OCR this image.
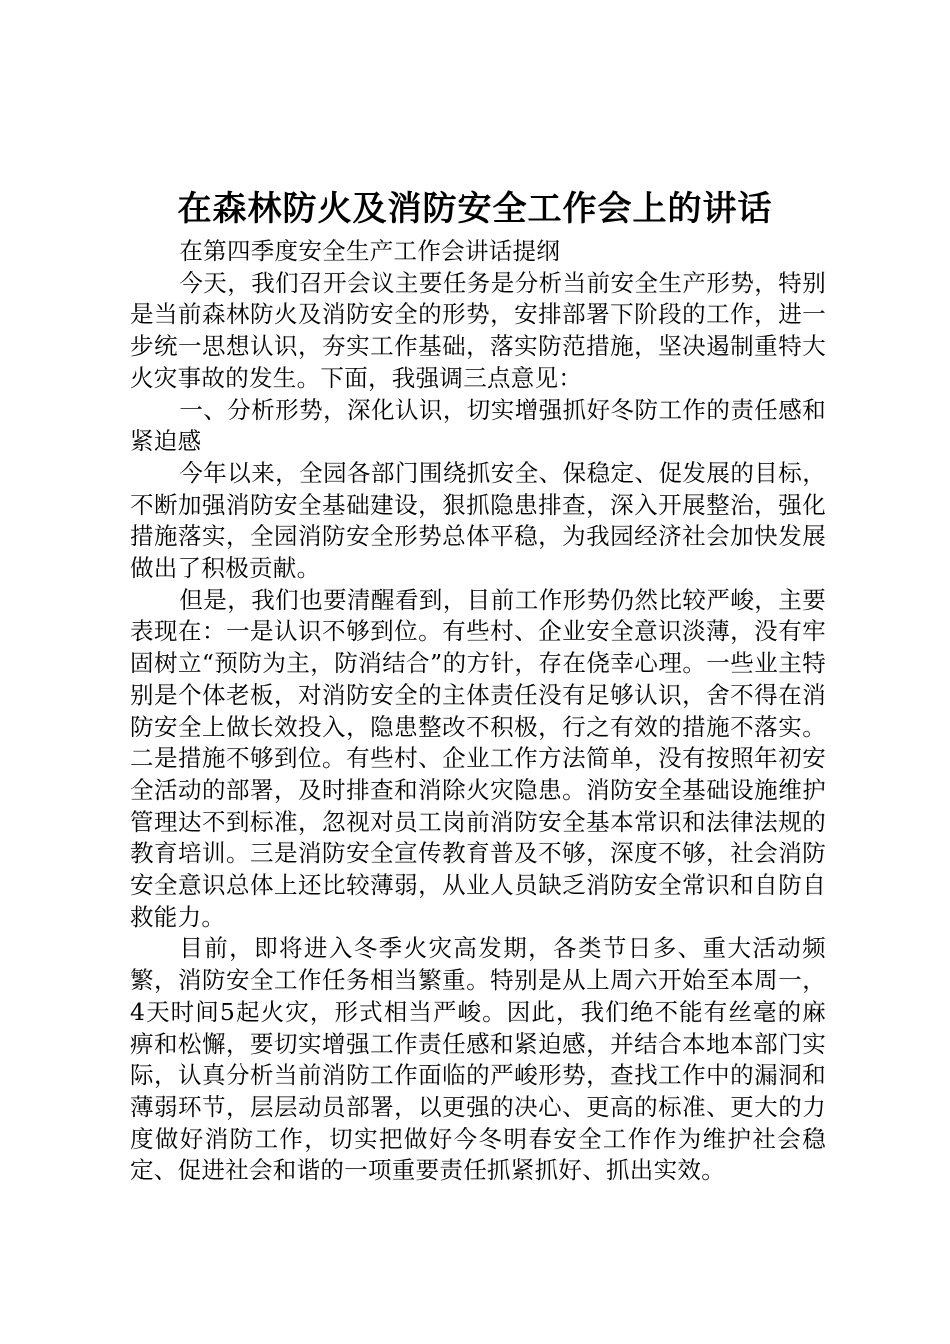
在森林防火及消防安全工作会上的讲话

在第四季度安全生产工作会讲话提纲

今天，我们召开会议主要任务是分析当前安全生产形势，特别是当前森林防火及消防安全的形势，安排部署下阶段的工作，进一步统一思想认识，夯实工作基础，落实防范措施，坚决遏制重特大火灾事故的发生。下面，我强调三点意见：

一、分析形势，深化认识，切实增强抓好冬防工作的责任感和紧迫感

今年以来，全园各部门围绕抓安全、保稳定、促发展的目标，不断加强消防安全基础建设，狠抓隐患排查，深入开展整治，强化措施落实，全园消防安全形势总体平稳，为我园经济社会加快发展做出了积极贡献。

但是，我们也要清醒看到，目前工作形势仍然比较严峻，主要表现在：一是认识不够到位。有些村、企业安全意识淡薄，没有牢固树立“预防为主，防消结合”的方针，存在侥幸心理。一些业主特别是个体老板，对消防安全的主体责任没有足够认识，舍不得在消防安全上做长效投入，隐患整改不积极，行之有效的措施不落实。二是措施不够到位。有些村、企业工作方法简单，没有按照年初安全活动的部署，及时排查和消除火灾隐患。消防安全基础设施维护管理达不到标准，忽视对员工岗前消防安全基本常识和法律法规的教育培训。三是消防安全宣传教育普及不够，深度不够，社会消防安全意识总体上还比较薄弱，从业人员缺乏消防安全常识和自防自救能力。

目前，即将进入冬季火灾高发期，各类节日多、重大活动频繁，消防安全工作任务相当繁重。特别是从上周六开始至本周一，4天时间5起火灾，形式相当严峻。因此，我们绝不能有丝毫的麻痹和松懈，要切实增强工作责任感和紧迫感，并结合本地本部门实际，认真分析当前消防工作面临的严峻形势，查找工作中的漏洞和薄弱环节，层层动员部署，以更强的决心、更高的标准、更大的力度做好消防工作，切实把做好今冬明春安全工作作为维护社会稳定、促进社会和谐的一项重要责任抓紧抓好、抓出实效。
